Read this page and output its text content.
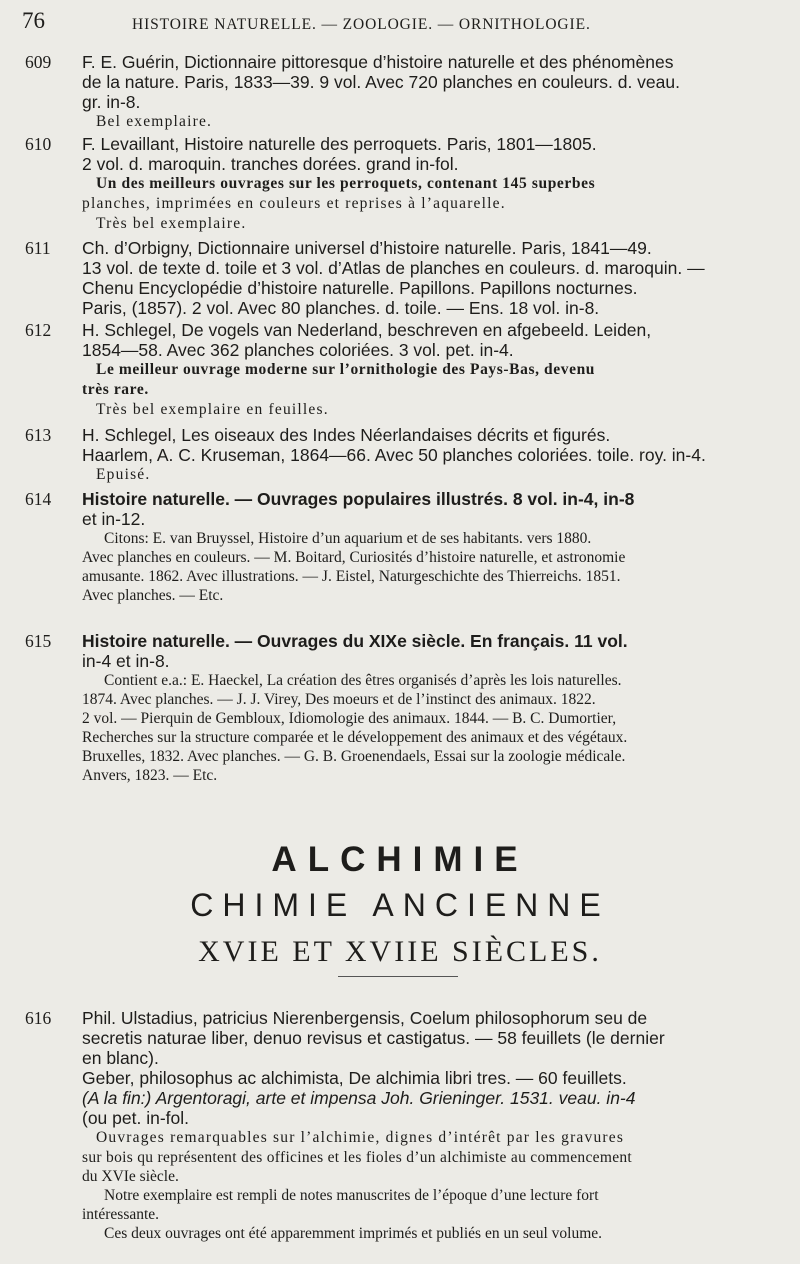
76	HISTOIRE NATURELLE. — ZOOLOGIE. — ORNITHOLOGIE.
609 F. E. Guérin, Dictionnaire pittoresque d’histoire naturelle et des phénomènes

de la nature. Paris, 1833—39. 9 vol. Avec 720 planches en couleurs. d. veau.

gr. in-8.

Bel exemplaire.

610 F. Levaillant, Histoire naturelle des perroquets. Paris, 1801—1805.

2 vol. d. maroquin. tranches dorées. grand in-fol.

Un des meilleurs ouvrages sur les perroquets, contenant 145 superbes

planches, imprimées en couleurs et reprises à l’aquarelle.

Très bel exemplaire.

611 Ch. d’Orbigny, Dictionnaire universel d’histoire naturelle. Paris, 1841—49.

13 vol. de texte d. toile et 3 vol. d’Atlas de planches en couleurs. d. maroquin. —

Chenu Encyclopédie d’histoire naturelle. Papillons. Papillons nocturnes.

Paris, (1857). 2 vol. Avec 80 planches. d. toile. — Ens. 18 vol. in-8.

612 H. Schlegel, De vogels van Nederland, beschreven en afgebeeld. Leiden,

1854—58. Avec 362 planches coloriées. 3 vol. pet. in-4.

Le meilleur ouvrage moderne sur l’ornithologie des Pays-Bas, devenu

très rare.

Très bel exemplaire en feuilles.

613 H. Schlegel, Les oiseaux des Indes Néerlandaises décrits et figurés.

Haarlem, A. C. Kruseman, 1864—66. Avec 50 planches coloriées. toile. roy. in-4.

Epuisé.

614 Histoire naturelle. — Ouvrages populaires illustrés. 8 vol. in-4, in-8

et in-12.

Citons: E. van Bruyssel, Histoire d’un aquarium et de ses habitants. vers 1880.

Avec planches en couleurs. — M. Boitard, Curiosités d’histoire naturelle, et astronomie

amusante. 1862. Avec illustrations. — J. Eistel, Naturgeschichte des Thierreichs. 1851.

Avec planches. — Etc.

615 Histoire naturelle. — Ouvrages du XIXe siècle. En français. 11 vol.

in-4 et in-8.

Contient e.a.: E. Haeckel, La création des êtres organisés d’après les lois naturelles.

1874. Avec planches. — J. J. Virey, Des moeurs et de l’instinct des animaux. 1822.

2 vol. — Pierquin de Gembloux, Idiomologie des animaux. 1844. — B. C. Dumortier,

Recherches sur la structure comparée et le développement des animaux et des végétaux.

Bruxelles, 1832. Avec planches. — G. B. Groenendaels, Essai sur la zoologie médicale.

Anvers, 1823. — Etc.

ALCHIMIE
CHIMIE ANCIENNE
XVIE ET XVIIE SIÈCLES.
616 Phil. Ulstadius, patricius Nierenbergensis, Coelum philosophorum seu de

secretis naturae liber, denuo revisus et castigatus. — 58 feuillets (le dernier

en blanc).

Geber, philosophus ac alchimista, De alchimia libri tres. — 60 feuillets.

(A la fin:) Argentoragi, arte et impensa Joh. Grieninger. 1531. veau. in-4

(ou pet. in-fol.

Ouvrages remarquables sur l’alchimie, dignes d’intérêt par les gravures

sur bois qu représentent des officines et les fioles d’un alchimiste au commencement

du XVIe siècle.

Notre exemplaire est rempli de notes manuscrites de l’époque d’une lecture fort

intéressante.

Ces deux ouvrages ont été apparemment imprimés et publiés en un seul volume.
